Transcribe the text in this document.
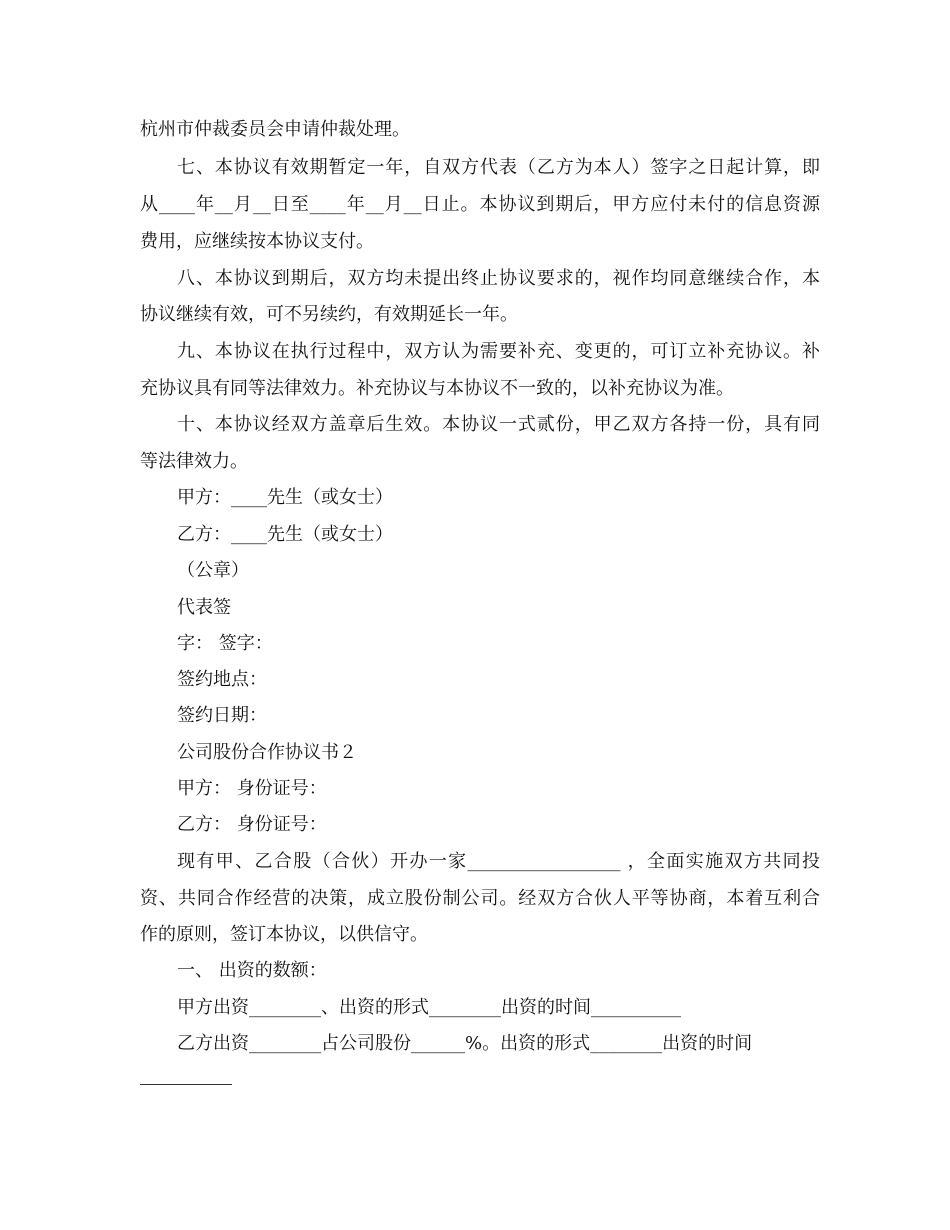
杭州市仲裁委员会申请仲裁处理。
七、本协议有效期暂定一年，自双方代表（乙方为本人）签字之日起计算，即
从____年__月__日至____年__月__日止。本协议到期后，甲方应付未付的信息资源
费用，应继续按本协议支付。
八、本协议到期后，双方均未提出终止协议要求的，视作均同意继续合作，本
协议继续有效，可不另续约，有效期延长一年。
九、本协议在执行过程中，双方认为需要补充、变更的，可订立补充协议。补
充协议具有同等法律效力。补充协议与本协议不一致的，以补充协议为准。
十、本协议经双方盖章后生效。本协议一式贰份，甲乙双方各持一份，具有同
等法律效力。
甲方：____先生（或女士）
乙方：____先生（或女士）
（公章）
代表签
字： 签字：
签约地点：
签约日期：
公司股份合作协议书２
甲方： 身份证号：
乙方： 身份证号：
现有甲、乙合股（合伙）开办一家_________________ ，全面实施双方共同投
资、共同合作经营的决策，成立股份制公司。经双方合伙人平等协商，本着互利合
作的原则，签订本协议，以供信守。
一、 出资的数额：
甲方出资________、出资的形式________出资的时间__________
乙方出资________占公司股份______%。出资的形式________出资的时间
